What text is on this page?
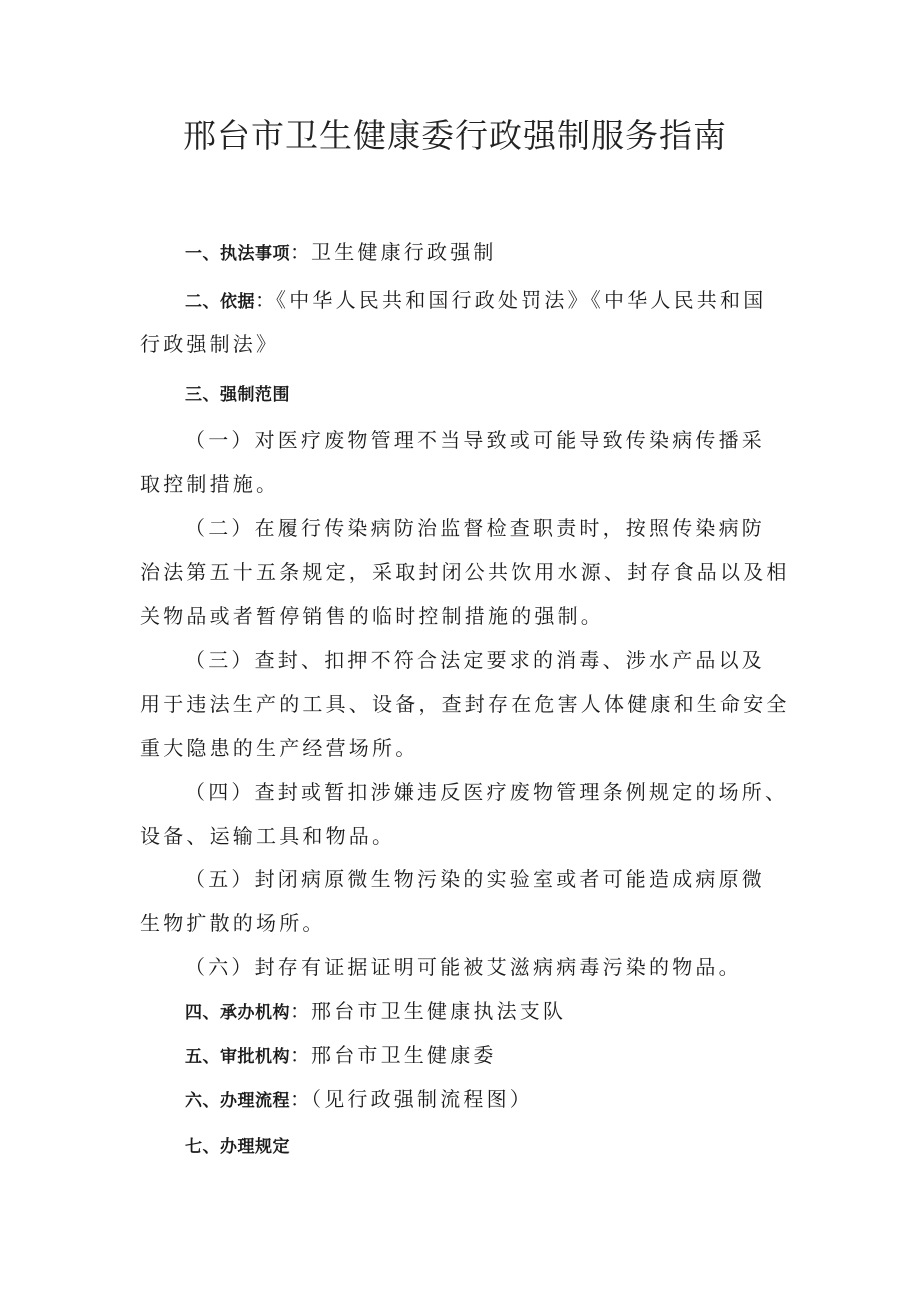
邢台市卫生健康委行政强制服务指南
一、执法事项：卫生健康行政强制
二、依据：《中华人民共和国行政处罚法》《中华人民共和国
行政强制法》
三、强制范围
（一）对医疗废物管理不当导致或可能导致传染病传播采
取控制措施。
（二）在履行传染病防治监督检查职责时，按照传染病防
治法第五十五条规定，采取封闭公共饮用水源、封存食品以及相
关物品或者暂停销售的临时控制措施的强制。
（三）查封、扣押不符合法定要求的消毒、涉水产品以及
用于违法生产的工具、设备，查封存在危害人体健康和生命安全
重大隐患的生产经营场所。
（四）查封或暂扣涉嫌违反医疗废物管理条例规定的场所、
设备、运输工具和物品。
（五）封闭病原微生物污染的实验室或者可能造成病原微
生物扩散的场所。
（六）封存有证据证明可能被艾滋病病毒污染的物品。
四、承办机构：邢台市卫生健康执法支队
五、审批机构：邢台市卫生健康委
六、办理流程：（见行政强制流程图）
七、办理规定
